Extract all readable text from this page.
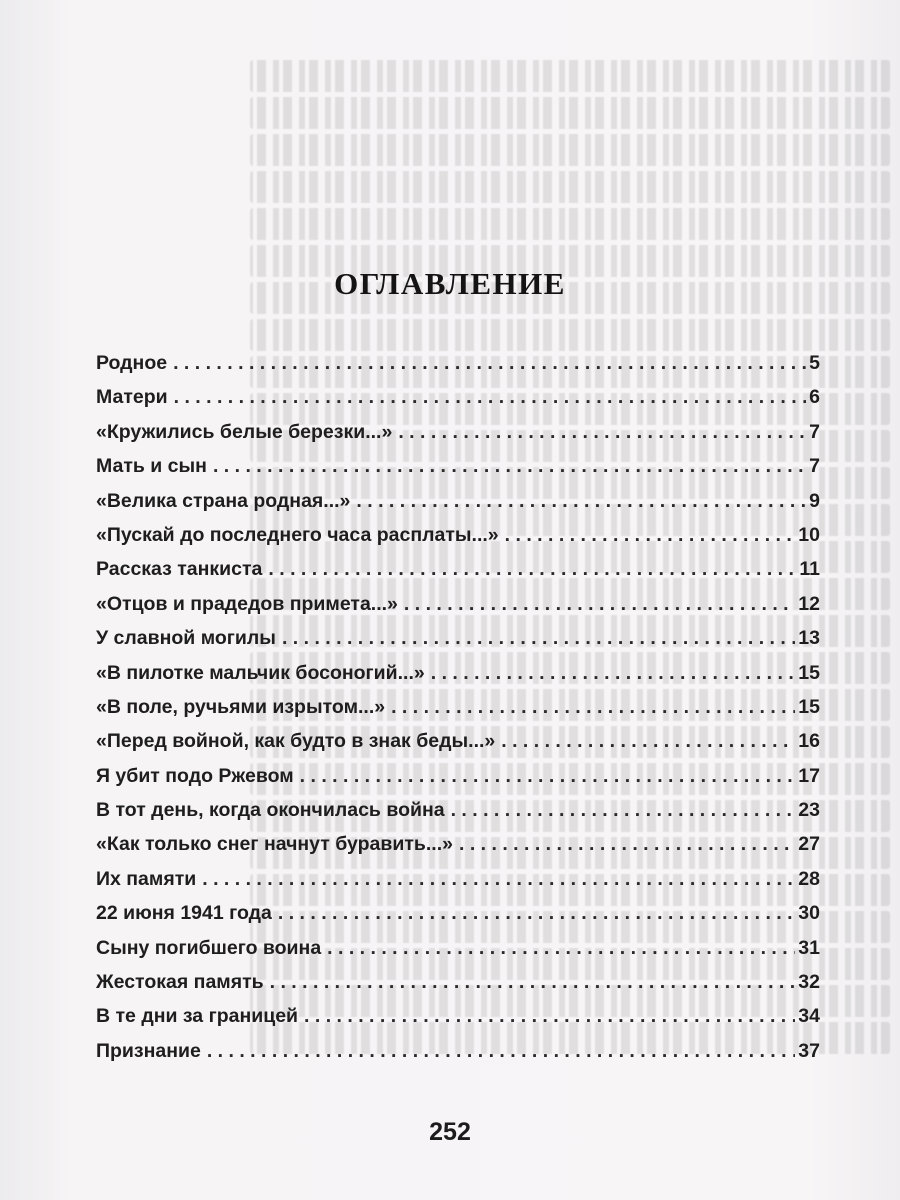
ОГЛАВЛЕНИЕ
Родное . . .	5
Матери . . .	6
«Кружились белые березки...» . . .	7
Мать и сын . . .	7
«Велика страна родная...» . . .	9
«Пускай до последнего часа расплаты...» . . .	10
Рассказ танкиста . . .	11
«Отцов и прадедов примета...» . . .	12
У славной могилы . . .	13
«В пилотке мальчик босоногий...» . . .	15
«В поле, ручьями изрытом...» . . .	15
«Перед войной, как будто в знак беды...» . . .	16
Я убит подо Ржевом . . .	17
В тот день, когда окончилась война . . .	23
«Как только снег начнут буравить...» . . .	27
Их памяти . . .	28
22 июня 1941 года . . .	30
Сыну погибшего воина . . .	31
Жестокая память . . .	32
В те дни за границей . . .	34
Признание . . .	37
252
